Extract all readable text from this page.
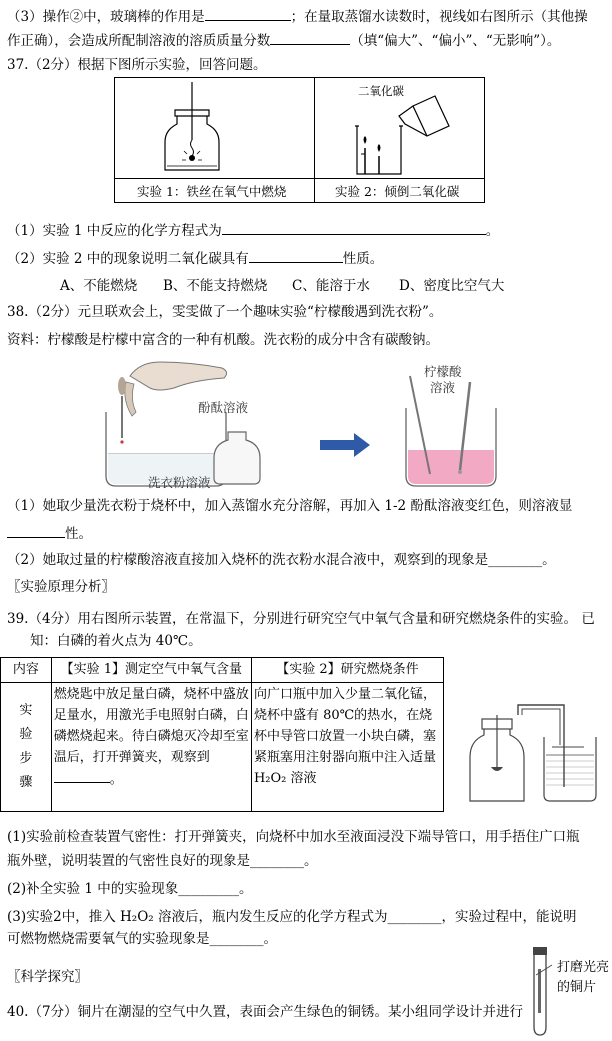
（3）操作②中，玻璃棒的作用是	；在量取蒸馏水读数时，视线如右图所示（其他操
作正确），会造成所配制溶液的溶质质量分数	（填“偏大”、“偏小”、“无影响”）。
37.（2分）根据下图所示实验，回答问题。
实验 1：铁丝在氧气中燃烧
二氧化碳
实验 2：倾倒二氧化碳
（1）实验 1 中反应的化学方程式为	。
（2）实验 2 中的现象说明二氧化碳具有	性质。
A、不能燃烧 B、不能支持燃烧 C、能溶于水 D、密度比空气大
38.（2分）元旦联欢会上，雯雯做了一个趣味实验“柠檬酸遇到洗衣粉”。
资料：柠檬酸是柠檬中富含的一种有机酸。洗衣粉的成分中含有碳酸钠。
酚酞溶液
洗衣粉溶液
柠檬酸
溶液
（1）她取少量洗衣粉于烧杯中，加入蒸馏水充分溶解，再加入 1-2 酚酞溶液变红色，则溶液显
性。
（2）她取过量的柠檬酸溶液直接加入烧杯的洗衣粉水混合液中，观察到的现象是________。
〖实验原理分析〗
39.（4分）用右图所示装置，在常温下，分别进行研究空气中氧气含量和研究燃烧条件的实验。 已
知：白磷的着火点为 40℃。
内容	【实验 1】测定空气中氧气含量	【实验 2】研究燃烧条件

实验步骤	燃烧匙中放足量白磷，烧杯中盛放足量水，用激光手电照射白磷，白磷燃烧起来。待白磷熄灭冷却至室温后，打开弹簧夹，观察到
。	向广口瓶中加入少量二氧化锰，烧杯中盛有 80℃的热水，在烧杯中导管口放置一小块白磷，塞紧瓶塞用注射器向瓶中注入适量H₂O₂ 溶液
(1)实验前检查装置气密性：打开弹簧夹，向烧杯中加水至液面浸没下端导管口，用手捂住广口瓶
瓶外壁，说明装置的气密性良好的现象是________。
(2)补全实验 1 中的实验现象_________。
(3)实验2中，推入 H₂O₂ 溶液后，瓶内发生反应的化学方程式为________，实验过程中，能说明
可燃物燃烧需要氧气的实验现象是________。
〖科学探究〗
打磨光亮
的铜片
40.（7分）铜片在潮湿的空气中久置，表面会产生绿色的铜锈。某小组同学设计并进行
